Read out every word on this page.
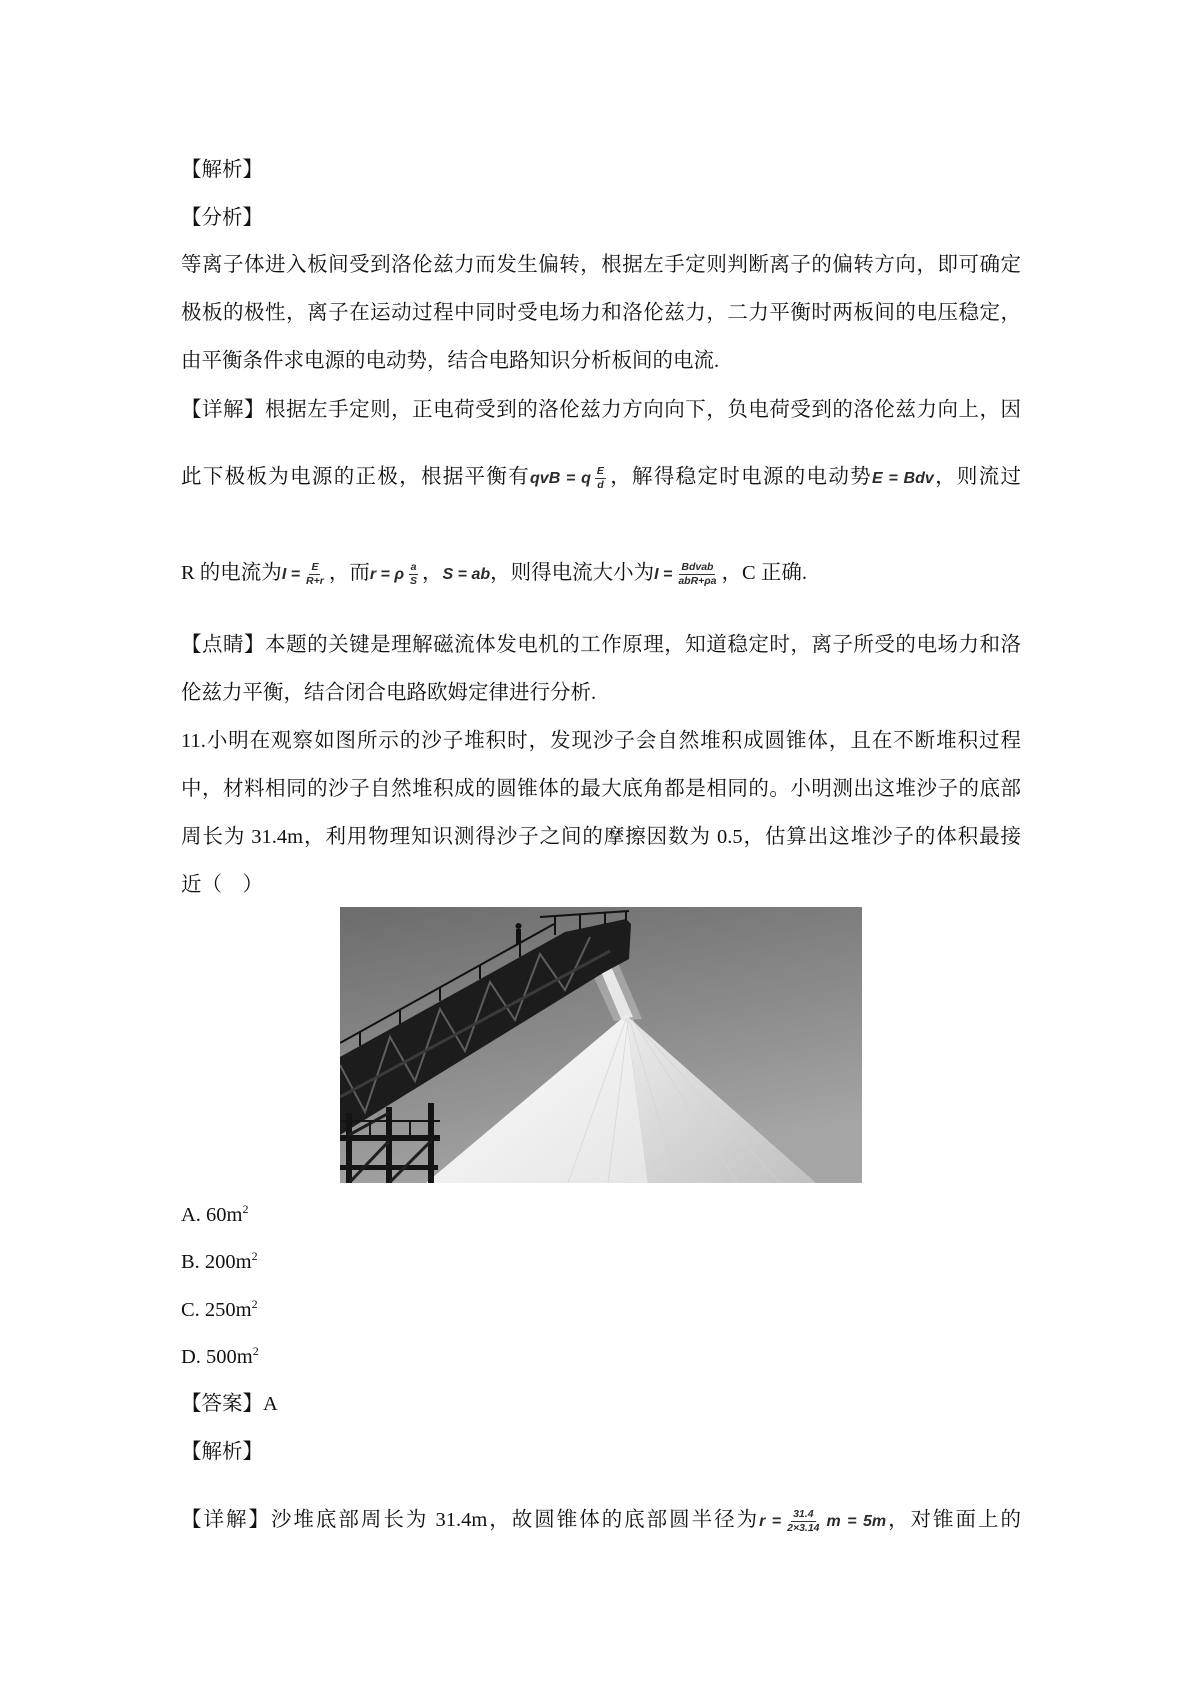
【解析】
【分析】
等离子体进入板间受到洛伦兹力而发生偏转，根据左手定则判断离子的偏转方向，即可确定
极板的极性，离子在运动过程中同时受电场力和洛伦兹力，二力平衡时两板间的电压稳定，
由平衡条件求电源的电动势，结合电路知识分析板间的电流.
【详解】根据左手定则，正电荷受到的洛伦兹力方向向下，负电荷受到的洛伦兹力向上，因
此下极板为电源的正极，根据平衡有qvB = q $\frac{E}{d}$ ，解得稳定时电源的电动势E = Bdv，则流过
R 的电流为$I = \frac{E}{R+r}$ ，而r = ρ $\frac{a}{S}$ ，S = ab，则得电流大小为$I = \frac{\text{Bdvab}}{\text{abR+ρa}}$ ，C 正确.
【点睛】本题的关键是理解磁流体发电机的工作原理，知道稳定时，离子所受的电场力和洛
伦兹力平衡，结合闭合电路欧姆定律进行分析.
11.小明在观察如图所示的沙子堆积时，发现沙子会自然堆积成圆锥体，且在不断堆积过程
中，材料相同的沙子自然堆积成的圆锥体的最大底角都是相同的。小明测出这堆沙子的底部
周长为 31.4m，利用物理知识测得沙子之间的摩擦因数为 0.5，估算出这堆沙子的体积最接
近（　）
A. $60m^2$
B. $200m^2$
C. $250m^2$
D. $500m^2$
【答案】A
【解析】
【详解】沙堆底部周长为 31.4m，故圆锥体的底部圆半径为$r = \frac{31.4}{2\times 3.14}$ m = 5m，对锥面上的
